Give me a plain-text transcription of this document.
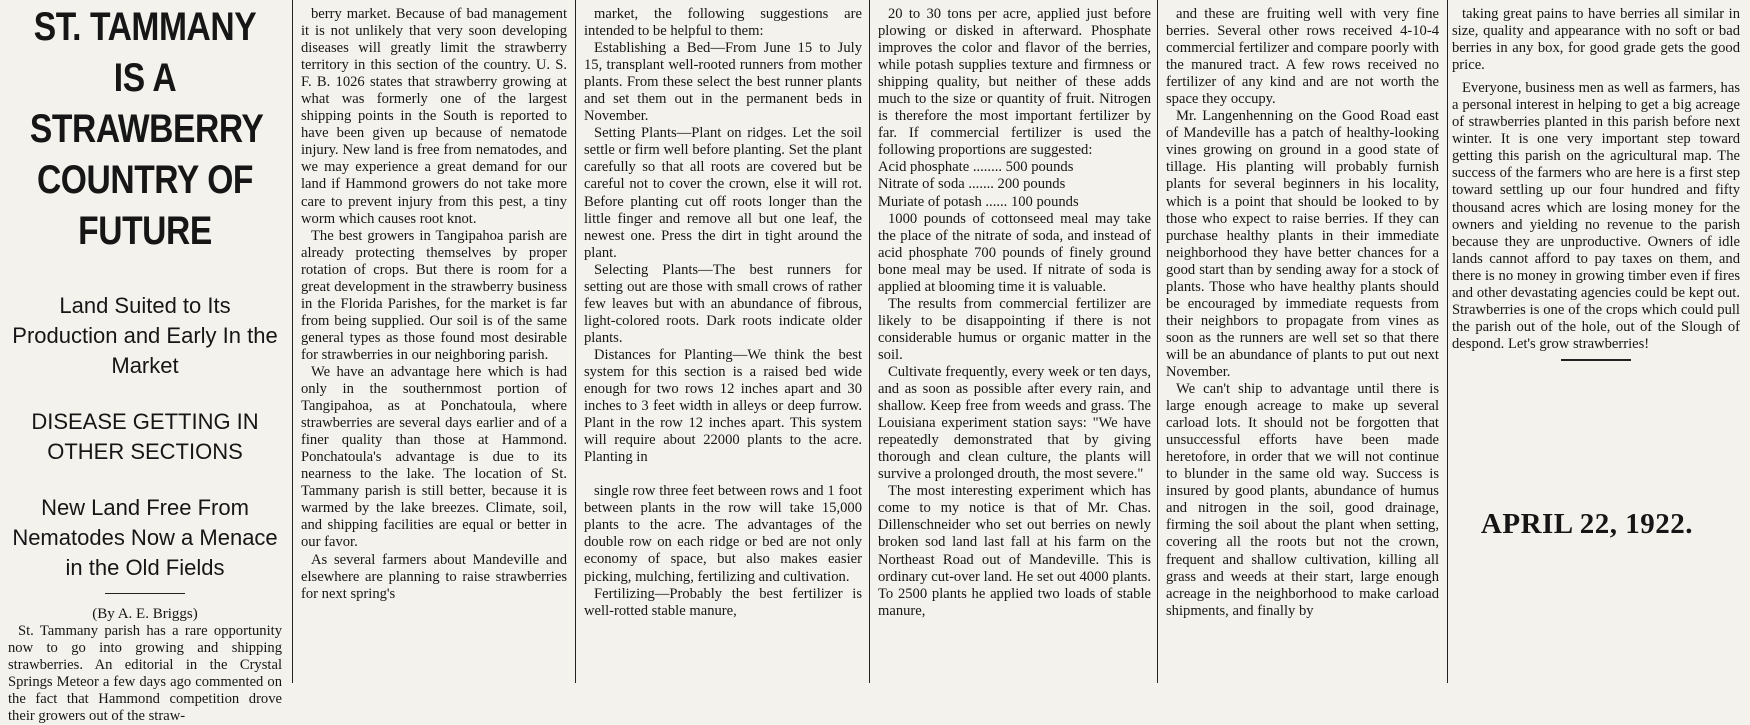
ST. TAMMANY IS A STRAWBERRY COUNTRY OF FUTURE

Land Suited to Its Production and Early In the Market

DISEASE GETTING IN OTHER SECTIONS

New Land Free From Nematodes Now a Menace in the Old Fields

(By A. E. Briggs)

St. Tammany parish has a rare opportunity now to go into growing and shipping strawberries. An editorial in the Crystal Springs Meteor a few days ago commented on the fact that Hammond competition drove their growers out of the straw-

berry market. Because of bad management it is not unlikely that very soon developing diseases will greatly limit the strawberry territory in this section of the country. U. S. F. B. 1026 states that strawberry growing at what was formerly one of the largest shipping points in the South is reported to have been given up because of nematode injury. New land is free from nematodes, and we may experience a great demand for our land if Hammond growers do not take more care to prevent injury from this pest, a tiny worm which causes root knot.

The best growers in Tangipahoa parish are already protecting themselves by proper rotation of crops. But there is room for a great development in the strawberry business in the Florida Parishes, for the market is far from being supplied. Our soil is of the same general types as those found most desirable for strawberries in our neighboring parish.

We have an advantage here which is had only in the southernmost portion of Tangipahoa, as at Ponchatoula, where strawberries are several days earlier and of a finer quality than those at Hammond. Ponchatoula's advantage is due to its nearness to the lake. The location of St. Tammany parish is still better, because it is warmed by the lake breezes. Climate, soil, and shipping facilities are equal or better in our favor.

As several farmers about Mandeville and elsewhere are planning to raise strawberries for next spring's

market, the following suggestions are intended to be helpful to them:

Establishing a Bed—From June 15 to July 15, transplant well-rooted runners from mother plants. From these select the best runner plants and set them out in the permanent beds in November.

Setting Plants—Plant on ridges. Let the soil settle or firm well before planting. Set the plant carefully so that all roots are covered but be careful not to cover the crown, else it will rot. Before planting cut off roots longer than the little finger and remove all but one leaf, the newest one. Press the dirt in tight around the plant.

Selecting Plants—The best runners for setting out are those with small crows of rather few leaves but with an abundance of fibrous, light-colored roots. Dark roots indicate older plants.

Distances for Planting—We think the best system for this section is a raised bed wide enough for two rows 12 inches apart and 30 inches to 3 feet width in alleys or deep furrow. Plant in the row 12 inches apart. This system will require about 22000 plants to the acre. Planting in

single row three feet between rows and 1 foot between plants in the row will take 15,000 plants to the acre. The advantages of the double row on each ridge or bed are not only economy of space, but also makes easier picking, mulching, fertilizing and cultivation.

Fertilizing—Probably the best fertilizer is well-rotted stable manure,

20 to 30 tons per acre, applied just before plowing or disked in afterward. Phosphate improves the color and flavor of the berries, while potash supplies texture and firmness or shipping quality, but neither of these adds much to the size or quantity of fruit. Nitrogen is therefore the most important fertilizer by far. If commercial fertilizer is used the following proportions are suggested:

Acid phosphate ........ 500 pounds

Nitrate of soda ....... 200 pounds

Muriate of potash ...... 100 pounds

1000 pounds of cottonseed meal may take the place of the nitrate of soda, and instead of acid phosphate 700 pounds of finely ground bone meal may be used. If nitrate of soda is applied at blooming time it is valuable.

The results from commercial fertilizer are likely to be disappointing if there is not considerable humus or organic matter in the soil.

Cultivate frequently, every week or ten days, and as soon as possible after every rain, and shallow. Keep free from weeds and grass. The Louisiana experiment station says: "We have repeatedly demonstrated that by giving thorough and clean culture, the plants will survive a prolonged drouth, the most severe."

The most interesting experiment which has come to my notice is that of Mr. Chas. Dillenschneider who set out berries on newly broken sod land last fall at his farm on the Northeast Road out of Mandeville. This is ordinary cut-over land. He set out 4000 plants. To 2500 plants he applied two loads of stable manure,

and these are fruiting well with very fine berries. Several other rows received 4-10-4 commercial fertilizer and compare poorly with the manured tract. A few rows received no fertilizer of any kind and are not worth the space they occupy.

Mr. Langenhenning on the Good Road east of Mandeville has a patch of healthy-looking vines growing on ground in a good state of tillage. His planting will probably furnish plants for several beginners in his locality, which is a point that should be looked to by those who expect to raise berries. If they can purchase healthy plants in their immediate neighborhood they have better chances for a good start than by sending away for a stock of plants. Those who have healthy plants should be encouraged by immediate requests from their neighbors to propagate from vines as soon as the runners are well set so that there will be an abundance of plants to put out next November.

We can't ship to advantage until there is large enough acreage to make up several carload lots. It should not be forgotten that unsuccessful efforts have been made heretofore, in order that we will not continue to blunder in the same old way. Success is insured by good plants, abundance of humus and nitrogen in the soil, good drainage, firming the soil about the plant when setting, covering all the roots but not the crown, frequent and shallow cultivation, killing all grass and weeds at their start, large enough acreage in the neighborhood to make carload shipments, and finally by

taking great pains to have berries all similar in size, quality and appearance with no soft or bad berries in any box, for good grade gets the good price.

Everyone, business men as well as farmers, has a personal interest in helping to get a big acreage of strawberries planted in this parish before next winter. It is one very important step toward getting this parish on the agricultural map. The success of the farmers who are here is a first step toward settling up our four hundred and fifty thousand acres which are losing money for the owners and yielding no revenue to the parish because they are unproductive. Owners of idle lands cannot afford to pay taxes on them, and there is no money in growing timber even if fires and other devastating agencies could be kept out. Strawberries is one of the crops which could pull the parish out of the hole, out of the Slough of despond. Let's grow strawberries!

APRIL 22, 1922.
